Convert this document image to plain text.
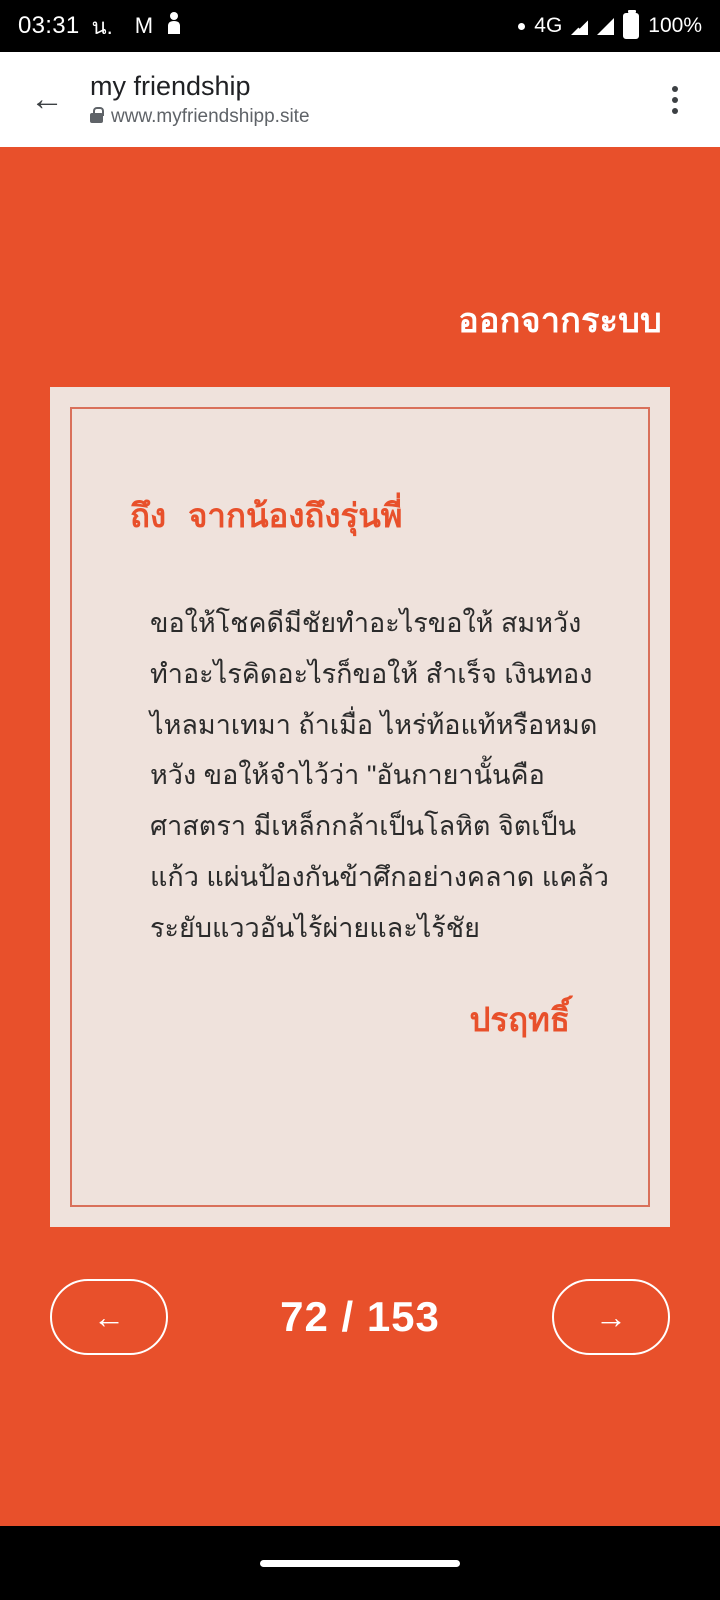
03:31 น. M	4G	100%
← my friendship
www.myfriendshipp.site
ออกจากระบบ
ถึง จากน้องถึงรุ่นพี่
ขอให้โชคดีมีชัยทำอะไรขอให้ สมหวังทำอะไรคิดอะไรก็ขอให้ สำเร็จ เงินทองไหลมาเทมา ถ้าเมื่อ ไหร่ท้อแท้หรือหมดหวัง ขอให้จำไว้ว่า "อันกายานั้นคือศาสตรา มีเหล็กกล้าเป็นโลหิต จิตเป็นแก้ว แผ่นป้องกันข้าศึกอย่างคลาด แคล้ว ระยับแววอันไร้ผ่ายและไร้ชัย
ปรฤทธิ์
←	72 / 153	→
